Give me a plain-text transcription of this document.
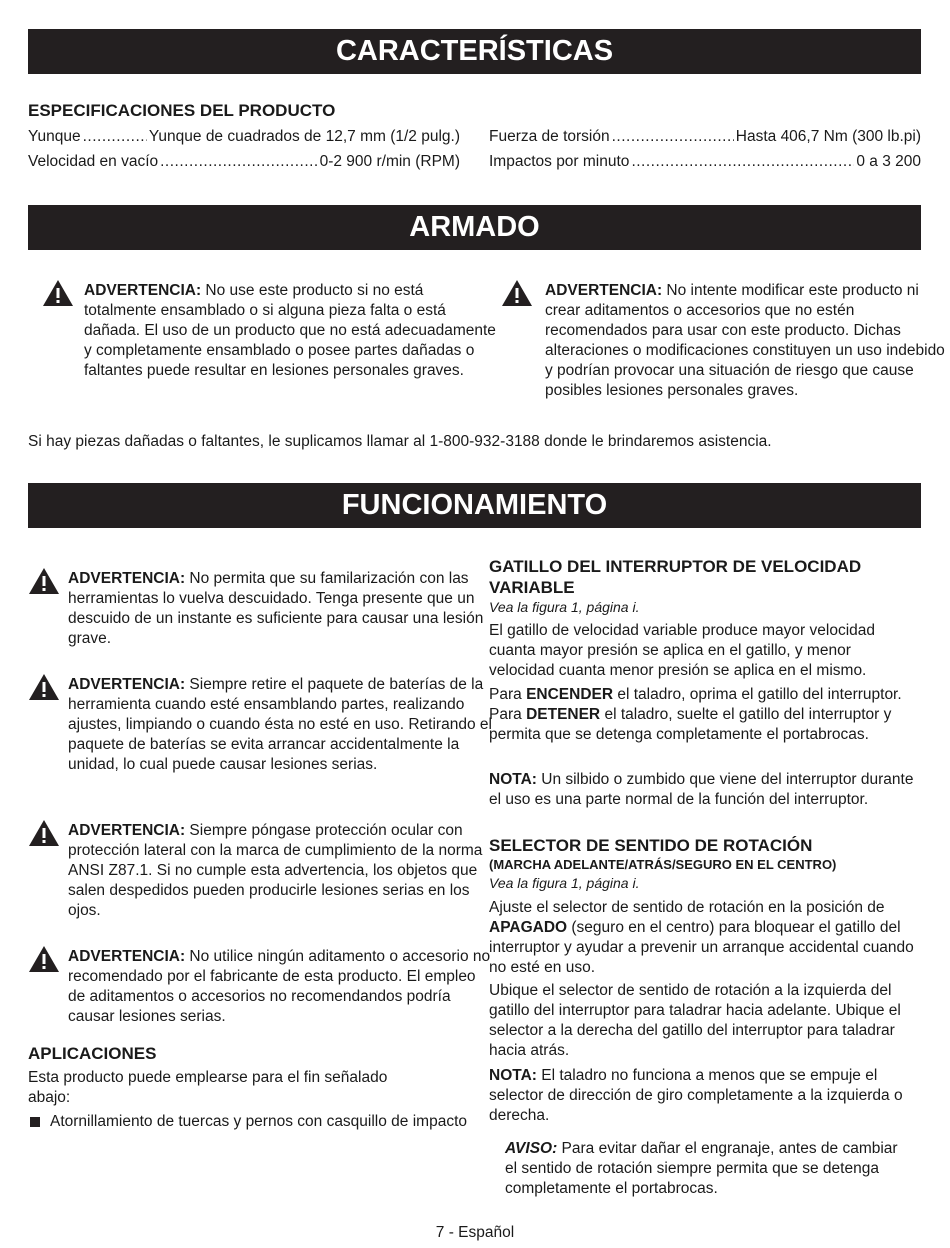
CARACTERÍSTICAS
ESPECIFICACIONES DEL PRODUCTO
Yunque .....	Yunque de cuadrados de 12,7 mm (1/2 pulg.)
Velocidad en vacío .....	0-2 900 r/min (RPM)
Fuerza de torsión .....	Hasta 406,7 Nm (300 lb.pi)
Impactos por minuto .....	0 a 3 200
ARMADO

ADVERTENCIA: No use este producto si no está totalmente ensamblado o si alguna pieza falta o está dañada. El uso de un producto que no está adecuadamente y completamente ensamblado o posee partes dañadas o faltantes puede resultar en lesiones personales graves.

ADVERTENCIA: No intente modificar este producto ni crear aditamentos o accesorios que no estén recomendados para usar con este producto. Dichas alteraciones o modificaciones constituyen un uso indebido y podrían provocar una situación de riesgo que cause posibles lesiones personales graves.

Si hay piezas dañadas o faltantes, le suplicamos llamar al 1-800-932-3188 donde le brindaremos asistencia.
FUNCIONAMIENTO

ADVERTENCIA: No permita que su familarización con las herramientas lo vuelva descuidado. Tenga presente que un descuido de un instante es suficiente para causar una lesión grave.

ADVERTENCIA: Siempre retire el paquete de baterías de la herramienta cuando esté ensamblando partes, realizando ajustes, limpiando o cuando ésta no esté en uso. Retirando el paquete de baterías se evita arrancar accidentalmente la unidad, lo cual puede causar lesiones serias.

ADVERTENCIA: Siempre póngase protección ocular con protección lateral con la marca de cumplimiento de la norma ANSI Z87.1. Si no cumple esta advertencia, los objetos que salen despedidos pueden producirle lesiones serias en los ojos.

ADVERTENCIA: No utilice ningún aditamento o accesorio no recomendado por el fabricante de esta producto. El empleo de aditamentos o accesorios no recomendandos podría causar lesiones serias.

APLICACIONES
Esta producto puede emplearse para el fin señalado abajo:
Atornillamiento de tuercas y pernos con casquillo de impacto
GATILLO DEL INTERRUPTOR DE VELOCIDAD VARIABLE
Vea la figura 1, página i.
El gatillo de velocidad variable produce mayor velocidad cuanta mayor presión se aplica en el gatillo, y menor velocidad cuanta menor presión se aplica en el mismo.
Para ENCENDER el taladro, oprima el gatillo del interruptor. Para DETENER el taladro, suelte el gatillo del interruptor y permita que se detenga completamente el portabrocas.
NOTA: Un silbido o zumbido que viene del interruptor durante el uso es una parte normal de la función del interruptor.
SELECTOR DE SENTIDO DE ROTACIÓN
(MARCHA ADELANTE/ATRÁS/SEGURO EN EL CENTRO)
Vea la figura 1, página i.
Ajuste el selector de sentido de rotación en la posición de APAGADO (seguro en el centro) para bloquear el gatillo del interruptor y ayudar a prevenir un arranque accidental cuando no esté en uso.
Ubique el selector de sentido de rotación a la izquierda del gatillo del interruptor para taladrar hacia adelante. Ubique el selector a la derecha del gatillo del interruptor para taladrar hacia atrás.
NOTA: El taladro no funciona a menos que se empuje el selector de dirección de giro completamente a la izquierda o derecha.
AVISO: Para evitar dañar el engranaje, antes de cambiar el sentido de rotación siempre permita que se detenga completamente el portabrocas.
7 - Español
